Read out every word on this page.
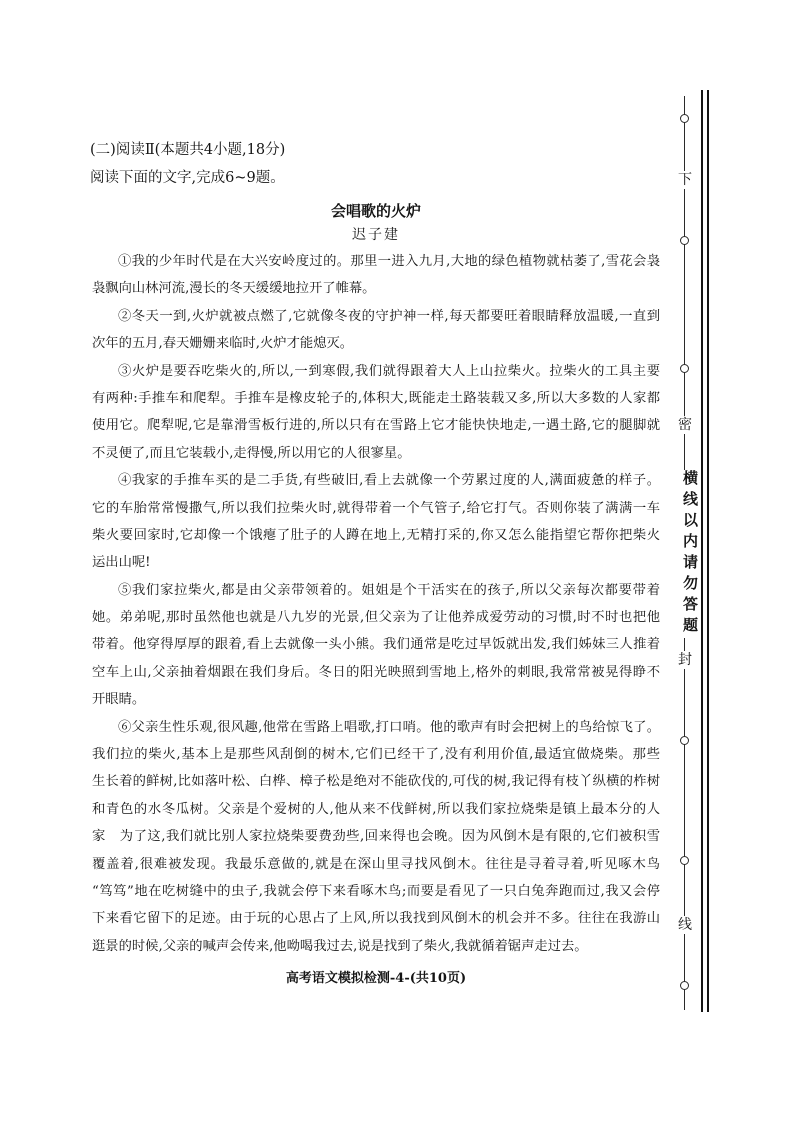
(二)阅读Ⅱ(本题共4小题,18分)
阅读下面的文字,完成6~9题。
会唱歌的火炉
迟子建
①我的少年时代是在大兴安岭度过的。那里一进入九月,大地的绿色植物就枯萎了,雪花会袅
袅飘向山林河流,漫长的冬天缓缓地拉开了帷幕。
②冬天一到,火炉就被点燃了,它就像冬夜的守护神一样,每天都要旺着眼睛释放温暖,一直到
次年的五月,春天姗姗来临时,火炉才能熄灭。
③火炉是要吞吃柴火的,所以,一到寒假,我们就得跟着大人上山拉柴火。拉柴火的工具主要
有两种:手推车和爬犁。手推车是橡皮轮子的,体积大,既能走土路装载又多,所以大多数的人家都
使用它。爬犁呢,它是靠滑雪板行进的,所以只有在雪路上它才能快快地走,一遇土路,它的腿脚就
不灵便了,而且它装载小,走得慢,所以用它的人很寥星。
④我家的手推车买的是二手货,有些破旧,看上去就像一个劳累过度的人,满面疲惫的样子。
它的车胎常常慢撒气,所以我们拉柴火时,就得带着一个气管子,给它打气。否则你装了满满一车
柴火要回家时,它却像一个饿瘪了肚子的人蹲在地上,无精打采的,你又怎么能指望它帮你把柴火
运出山呢!
⑤我们家拉柴火,都是由父亲带领着的。姐姐是个干活实在的孩子,所以父亲每次都要带着
她。弟弟呢,那时虽然他也就是八九岁的光景,但父亲为了让他养成爱劳动的习惯,时不时也把他
带着。他穿得厚厚的跟着,看上去就像一头小熊。我们通常是吃过早饭就出发,我们姊妹三人推着
空车上山,父亲抽着烟跟在我们身后。冬日的阳光映照到雪地上,格外的刺眼,我常常被晃得睁不
开眼睛。
⑥父亲生性乐观,很风趣,他常在雪路上唱歌,打口哨。他的歌声有时会把树上的鸟给惊飞了。
我们拉的柴火,基本上是那些风刮倒的树木,它们已经干了,没有利用价值,最适宜做烧柴。那些
生长着的鲜树,比如落叶松、白桦、樟子松是绝对不能砍伐的,可伐的树,我记得有枝丫纵横的柞树
和青色的水冬瓜树。父亲是个爱树的人,他从来不伐鲜树,所以我们家拉烧柴是镇上最本分的人
家　为了这,我们就比别人家拉烧柴要费劲些,回来得也会晚。因为风倒木是有限的,它们被积雪
覆盖着,很难被发现。我最乐意做的,就是在深山里寻找风倒木。往往是寻着寻着,听见啄木鸟
“笃笃”地在吃树缝中的虫子,我就会停下来看啄木鸟;而要是看见了一只白兔奔跑而过,我又会停
下来看它留下的足迹。由于玩的心思占了上风,所以我找到风倒木的机会并不多。往往在我游山
逛景的时候,父亲的喊声会传来,他呦喝我过去,说是找到了柴火,我就循着锯声走过去。
高考语文模拟检测-4-(共10页)
下
密
封
线
横线以内请勿答题
